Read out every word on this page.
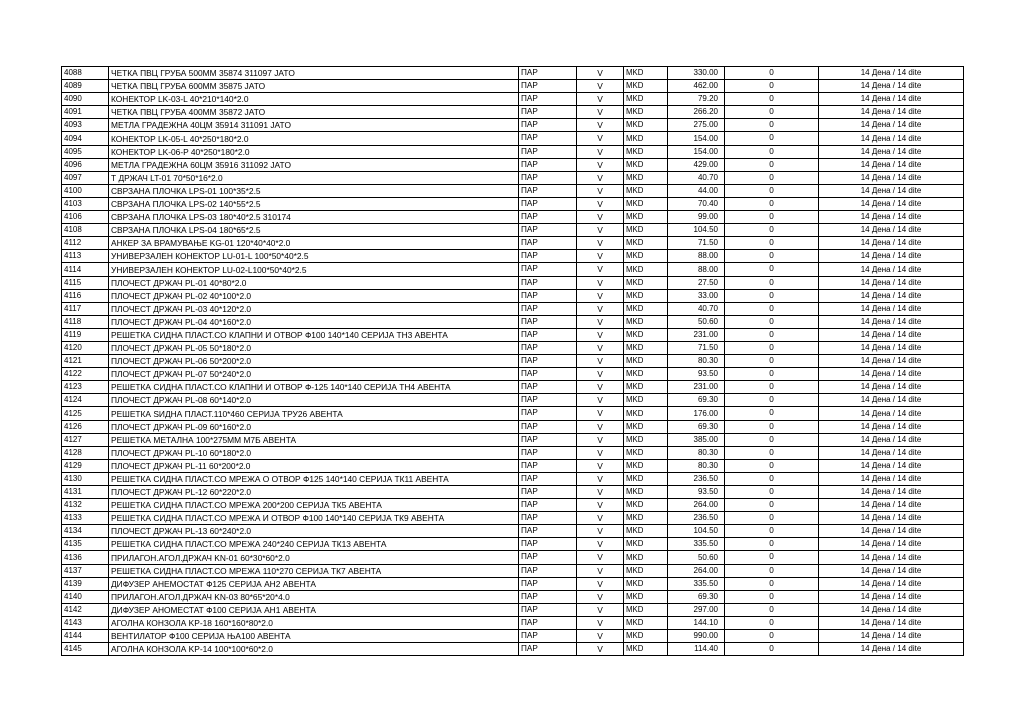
4088	ЧЕТКА ПВЦ ГРУБА 500ММ 35874 311097 JATO	ПАР	V	MKD	330.00	0	14 Дена / 14 dite
4089	ЧЕТКА ПВЦ ГРУБА 600ММ 35875 JATO	ПАР	V	MKD	462.00	0	14 Дена / 14 dite
4090	КОНЕКТОР LK-03-L 40*210*140*2.0	ПАР	V	MKD	79.20	0	14 Дена / 14 dite
4091	ЧЕТКА ПВЦ ГРУБА 400ММ 35872 JATO	ПАР	V	MKD	266.20	0	14 Дена / 14 dite
4093	МЕТЛА ГРАДЕЖНА 40ЦМ 35914 311091 JATO	ПАР	V	MKD	275.00	0	14 Дена / 14 dite
4094	КОНЕКТОР LK-05-L 40*250*180*2.0	ПАР	V	MKD	154.00	0	14 Дена / 14 dite
4095	КОНЕКТОР LK-06-P 40*250*180*2.0	ПАР	V	MKD	154.00	0	14 Дена / 14 dite
4096	МЕТЛА ГРАДЕЖНА 60ЦМ 35916 311092 JATO	ПАР	V	MKD	429.00	0	14 Дена / 14 dite
4097	Т ДРЖАЧ LT-01 70*50*16*2.0	ПАР	V	MKD	40.70	0	14 Дена / 14 dite
4100	СВРЗАНА ПЛОЧКА LPS-01 100*35*2.5	ПАР	V	MKD	44.00	0	14 Дена / 14 dite
4103	СВРЗАНА ПЛОЧКА LPS-02 140*55*2.5	ПАР	V	MKD	70.40	0	14 Дена / 14 dite
4106	СВРЗАНА ПЛОЧКА LPS-03 180*40*2.5 310174	ПАР	V	MKD	99.00	0	14 Дена / 14 dite
4108	СВРЗАНА ПЛОЧКА LPS-04 180*65*2.5	ПАР	V	MKD	104.50	0	14 Дена / 14 dite
4112	АНКЕР ЗА ВРАМУВАЊЕ KG-01 120*40*40*2.0	ПАР	V	MKD	71.50	0	14 Дена / 14 dite
4113	УНИВЕРЗАЛЕН КОНЕКТОР LU-01-L 100*50*40*2.5	ПАР	V	MKD	88.00	0	14 Дена / 14 dite
4114	УНИВЕРЗАЛЕН КОНЕКТОР LU-02-L100*50*40*2.5	ПАР	V	MKD	88.00	0	14 Дена / 14 dite
4115	ПЛОЧЕСТ ДРЖАЧ PL-01 40*80*2.0	ПАР	V	MKD	27.50	0	14 Дена / 14 dite
4116	ПЛОЧЕСТ ДРЖАЧ PL-02 40*100*2.0	ПАР	V	MKD	33.00	0	14 Дена / 14 dite
4117	ПЛОЧЕСТ ДРЖАЧ PL-03 40*120*2.0	ПАР	V	MKD	40.70	0	14 Дена / 14 dite
4118	ПЛОЧЕСТ ДРЖАЧ PL-04 40*160*2.0	ПАР	V	MKD	50.60	0	14 Дена / 14 dite
4119	РЕШЕТКА СИДНА ПЛАСТ.СО КЛАПНИ И ОТВОР Ф100 140*140 СЕРИЈА ТН3 АВЕНТА	ПАР	V	MKD	231.00	0	14 Дена / 14 dite
4120	ПЛОЧЕСТ ДРЖАЧ PL-05 50*180*2.0	ПАР	V	MKD	71.50	0	14 Дена / 14 dite
4121	ПЛОЧЕСТ ДРЖАЧ PL-06 50*200*2.0	ПАР	V	MKD	80.30	0	14 Дена / 14 dite
4122	ПЛОЧЕСТ ДРЖАЧ PL-07 50*240*2.0	ПАР	V	MKD	93.50	0	14 Дена / 14 dite
4123	РЕШЕТКА СИДНА ПЛАСТ.СО КЛАПНИ И ОТВОР Ф-125 140*140 СЕРИЈА ТН4 АВЕНТА	ПАР	V	MKD	231.00	0	14 Дена / 14 dite
4124	ПЛОЧЕСТ ДРЖАЧ PL-08 60*140*2.0	ПАР	V	MKD	69.30	0	14 Дена / 14 dite
4125	РЕШЕТКА ЅИДНА ПЛАСТ.110*460 СЕРИЈА ТРУ26 АВЕНТА	ПАР	V	MKD	176.00	0	14 Дена / 14 dite
4126	ПЛОЧЕСТ ДРЖАЧ PL-09 60*160*2.0	ПАР	V	MKD	69.30	0	14 Дена / 14 dite
4127	РЕШЕТКА МЕТАЛНА 100*275ММ М7Б АВЕНТА	ПАР	V	MKD	385.00	0	14 Дена / 14 dite
4128	ПЛОЧЕСТ ДРЖАЧ PL-10 60*180*2.0	ПАР	V	MKD	80.30	0	14 Дена / 14 dite
4129	ПЛОЧЕСТ ДРЖАЧ PL-11 60*200*2.0	ПАР	V	MKD	80.30	0	14 Дена / 14 dite
4130	РЕШЕТКА СИДНА ПЛАСТ.СО МРЕЖА О ОТВОР Ф125 140*140 СЕРИЈА ТК11 АВЕНТА	ПАР	V	MKD	236.50	0	14 Дена / 14 dite
4131	ПЛОЧЕСТ ДРЖАЧ PL-12 60*220*2.0	ПАР	V	MKD	93.50	0	14 Дена / 14 dite
4132	РЕШЕТКА СИДНА ПЛАСТ.СО МРЕЖА 200*200 СЕРИЈА ТК5 АВЕНТА	ПАР	V	MKD	264.00	0	14 Дена / 14 dite
4133	РЕШЕТКА СИДНА ПЛАСТ.СО МРЕЖА И ОТВОР Ф100 140*140 СЕРИЈА ТК9 АВЕНТА	ПАР	V	MKD	236.50	0	14 Дена / 14 dite
4134	ПЛОЧЕСТ ДРЖАЧ PL-13 60*240*2.0	ПАР	V	MKD	104.50	0	14 Дена / 14 dite
4135	РЕШЕТКА СИДНА ПЛАСТ.СО МРЕЖА 240*240 СЕРИЈА ТК13 АВЕНТА	ПАР	V	MKD	335.50	0	14 Дена / 14 dite
4136	ПРИЛАГОН.АГОЛ.ДРЖАЧ KN-01 60*30*60*2.0	ПАР	V	MKD	50.60	0	14 Дена / 14 dite
4137	РЕШЕТКА СИДНА ПЛАСТ.СО МРЕЖА 110*270 СЕРИЈА ТК7 АВЕНТА	ПАР	V	MKD	264.00	0	14 Дена / 14 dite
4139	ДИФУЗЕР АНЕМОСТАТ Ф125 СЕРИЈА АН2 АВЕНТА	ПАР	V	MKD	335.50	0	14 Дена / 14 dite
4140	ПРИЛАГОН.АГОЛ.ДРЖАЧ KN-03 80*65*20*4.0	ПАР	V	MKD	69.30	0	14 Дена / 14 dite
4142	ДИФУЗЕР АНОМЕСТАТ Ф100 СЕРИЈА АН1 АВЕНТА	ПАР	V	MKD	297.00	0	14 Дена / 14 dite
4143	АГОЛНА КОНЗОЛА KP-18 160*160*80*2.0	ПАР	V	MKD	144.10	0	14 Дена / 14 dite
4144	ВЕНТИЛАТОР Ф100 СЕРИЈА ЊА100 АВЕНТА	ПАР	V	MKD	990.00	0	14 Дена / 14 dite
4145	АГОЛНА КОНЗОЛА KP-14 100*100*60*2.0	ПАР	V	MKD	114.40	0	14 Дена / 14 dite
